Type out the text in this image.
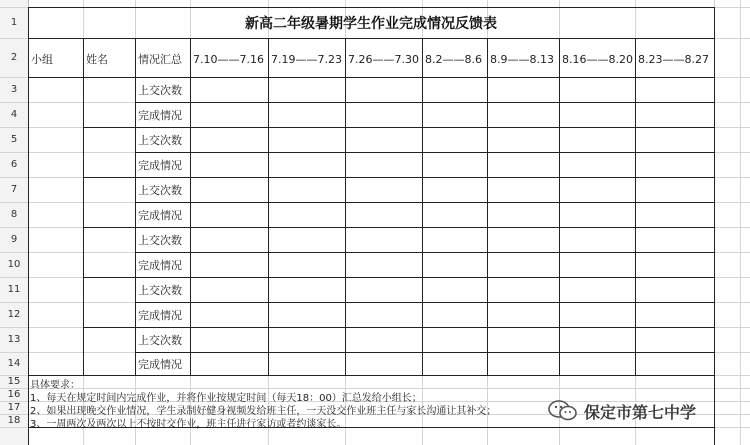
1
2
3
4
5
6
7
8
9
10
11
12
13
14
15
16
17
18
新高二年级暑期学生作业完成情况反馈表
小组	姓名	情况汇总 7.10——7.16 7.19——7.23 7.26——7.30 8.2——8.6 8.9——8.13 8.16——8.20 8.23——8.27
上交次数
完成情况
上交次数
完成情况
上交次数
完成情况
上交次数
完成情况
上交次数
完成情况
上交次数
完成情况
具体要求：
1、每天在规定时间内完成作业，并将作业按规定时间（每天18：00）汇总发给小组长；
2、如果出现晚交作业情况，学生录制好健身视频发给班主任，一天没交作业班主任与家长沟通让其补交；
3、一周两次及两次以上不按时交作业，班主任进行家访或者约谈家长。
保定市第七中学
